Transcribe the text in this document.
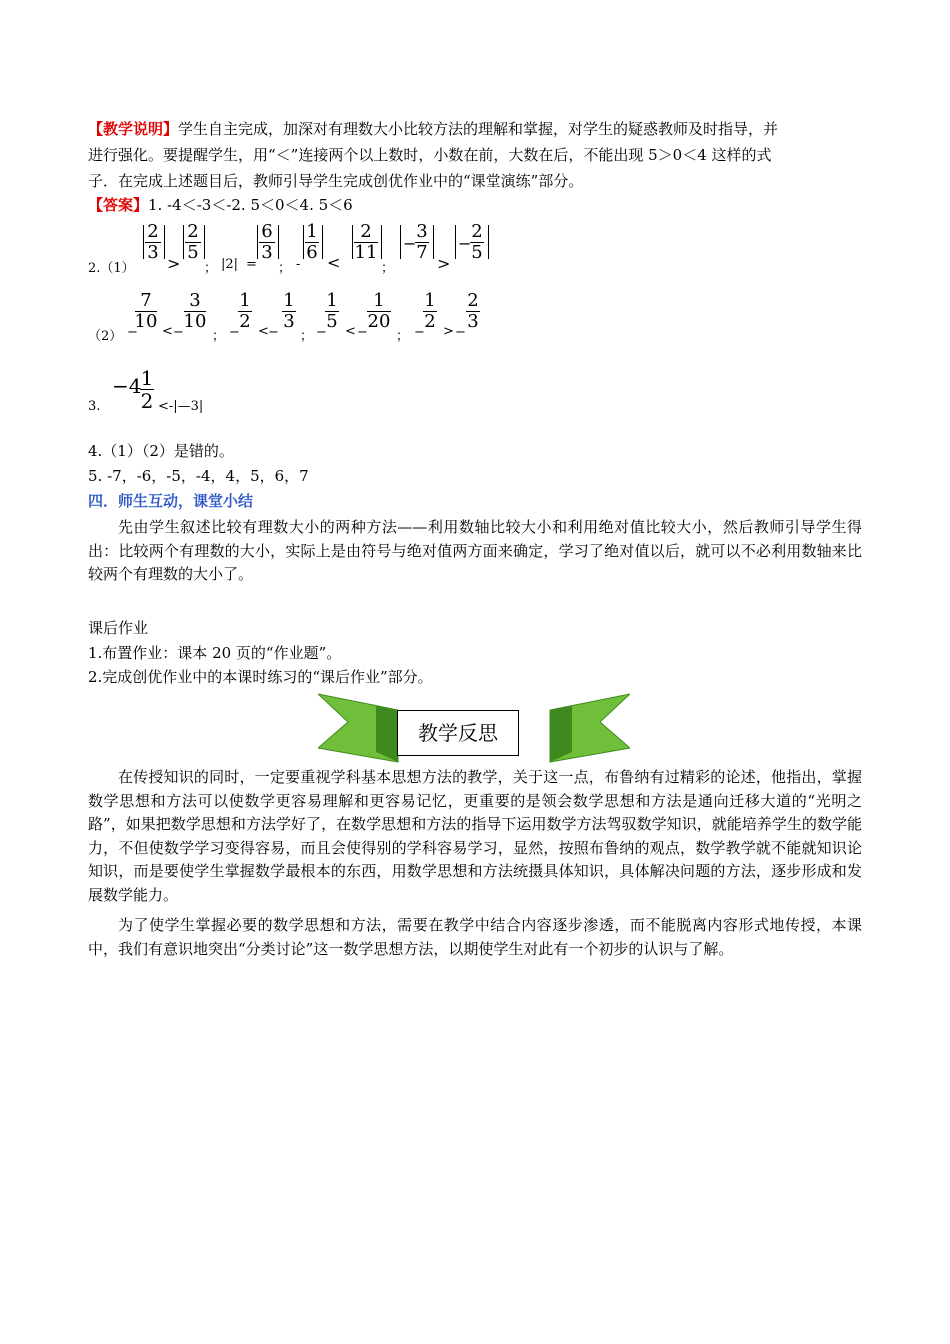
【教学说明】学生自主完成，加深对有理数大小比较方法的理解和掌握，对学生的疑惑教师及时指导，并
进行强化。要提醒学生，用“＜”连接两个以上数时，小数在前，大数在后，不能出现 5＞0＜4 这样的式
子．在完成上述题目后，教师引导学生完成创优作业中的“课堂演练”部分。
【答案】1. -4＜-3＜-2. 5＜0＜4. 5＜6
2.（1）
2
3
>
2
5
； |2| =
6
3
； -
1
6 <
2
11
；
−
3
7
>
−
2
5
（2） −
7
10 < −
3
10
； −
1
2 < −
1
3
； −
1
5 < −
1
20
； −
1
2 > −
2
3
3.
−4 1
2 <-|—3|
4.（1）（2）是错的。
5. -7，-6，-5，-4，4，5，6，7
四．师生互动，课堂小结
先由学生叙述比较有理数大小的两种方法——利用数轴比较大小和利用绝对值比较大小，然后教师引导学生得出：比较两个有理数的大小，实际上是由符号与绝对值两方面来确定，学习了绝对值以后，就可以不必利用数轴来比较两个有理数的大小了。
课后作业
1.布置作业：课本 20 页的“作业题”。
2.完成创优作业中的本课时练习的“课后作业”部分。
教学反思
在传授知识的同时，一定要重视学科基本思想方法的教学，关于这一点，布鲁纳有过精彩的论述，他指出，掌握数学思想和方法可以使数学更容易理解和更容易记忆，更重要的是领会数学思想和方法是通向迁移大道的“光明之路”，如果把数学思想和方法学好了，在数学思想和方法的指导下运用数学方法驾驭数学知识，就能培养学生的数学能力，不但使数学学习变得容易，而且会使得别的学科容易学习，显然，按照布鲁纳的观点，数学教学就不能就知识论知识，而是要使学生掌握数学最根本的东西，用数学思想和方法统摄具体知识，具体解决问题的方法，逐步形成和发展数学能力。
为了使学生掌握必要的数学思想和方法，需要在教学中结合内容逐步渗透，而不能脱离内容形式地传授，本课中，我们有意识地突出“分类讨论”这一数学思想方法，以期使学生对此有一个初步的认识与了解。
